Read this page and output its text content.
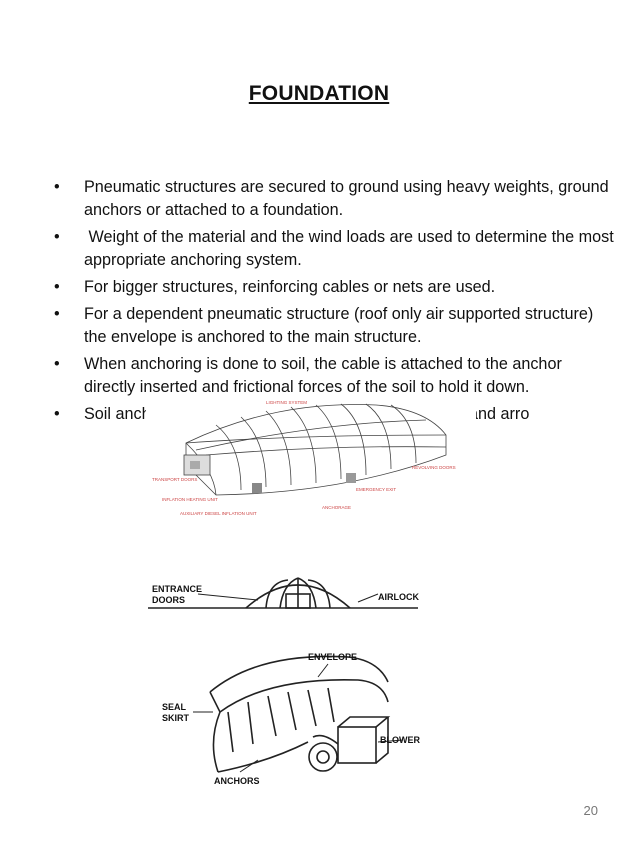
FOUNDATION
• Pneumatic structures are secured to ground using heavy weights, ground anchors or attached to a foundation.
• Weight of the material and the wind loads are used to determine the most appropriate anchoring system.
• For bigger structures, reinforcing cables or nets are used.
• For a dependent pneumatic structure (roof only air supported structure) the envelope is anchored to the main structure.
• When anchoring is done to soil, the cable is attached to the anchor directly inserted and frictional forces of the soil to hold it down.
• Soil anch                                                    ing duckbill and arro
LIGHTING SYSTEM
TRANSPORT DOORS
INFLATION HEATING UNIT
AUXILIARY DIESEL INFLATION UNIT
REVOLVING DOORS
EMERGENCY EXIT
ANCHORAGE
ENTRANCE
DOORS	AIRLOCK
ENVELOPE
SEAL
SKIRT
BLOWER
ANCHORS
20
